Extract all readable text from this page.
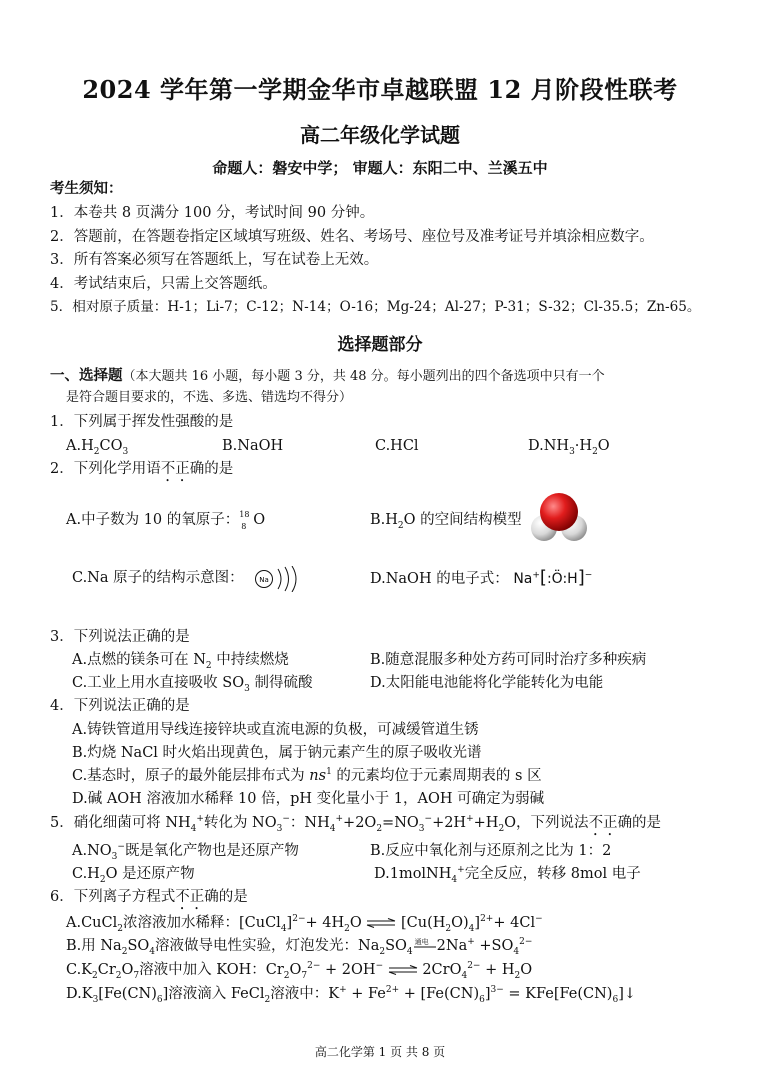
2024 学年第一学期金华市卓越联盟 12 月阶段性联考
高二年级化学试题
命题人：磐安中学； 审题人：东阳二中、兰溪五中
考生须知：
1．本卷共 8 页满分 100 分，考试时间 90 分钟。
2．答题前，在答题卷指定区域填写班级、姓名、考场号、座位号及准考证号并填涂相应数字。
3．所有答案必须写在答题纸上，写在试卷上无效。
4．考试结束后，只需上交答题纸。
5．相对原子质量：H-1；Li-7；C-12；N-14；O-16；Mg-24；Al-27；P-31；S-32；Cl-35.5；Zn-65。
选择题部分
一、选择题（本大题共 16 小题，每小题 3 分，共 48 分。每小题列出的四个备选项中只有一个
是符合题目要求的，不选、多选、错选均不得分）
1．下列属于挥发性强酸的是
$A.H_2CO_3$	B.NaOH	C.HCl	$D.NH_3\cdot H_2O$
2．下列化学用语不正确的是
A.中子数为 10 的氧原子： 18
8 O	$B.H_2O$ 的空间结构模型
C.Na 原子的结构示意图： Na	D.NaOH 的电子式： Na+[:Ö:H]−
3．下列说法正确的是
A.点燃的镁条可在 $N_2$ 中持续燃烧	B.随意混服多种处方药可同时治疗多种疾病
C.工业上用水直接吸收 $SO_3$ 制得硫酸	D.太阳能电池能将化学能转化为电能
4．下列说法正确的是
A.铸铁管道用导线连接锌块或直流电源的负极，可减缓管道生锈
B.灼烧 NaCl 时火焰出现黄色，属于钠元素产生的原子吸收光谱
C.基态时，原子的最外能层排布式为 $ns^1$ 的元素均位于元素周期表的 s 区
D.碱 AOH 溶液加水稀释 10 倍，pH 变化量小于 1，AOH 可确定为弱碱
5．硝化细菌可将 $NH_4^+$转化为 $NO_3^-$：$NH_4^++2O_2=NO_3^-+2H^++H_2O$，下列说法不正确的是
$A.NO_3^-$既是氧化产物也是还原产物	B.反应中氧化剂与还原剂之比为 1：2
$C.H_2O$ 是还原产物	D.1molNH$_4$+完全反应，转移 8mol 电子
6．下列离子方程式不正确的是
A.CuCl$_2$浓溶液加水稀释：[CuCl$_4$]$^{2-}$+ $4H_2O$ ⇌ $[Cu(H_2O)_4]^{2+}+ 4Cl^-$
B.用 $Na_2SO_4$溶液做导电性实验，灯泡发光：$Na_2SO_4$
通电 $2Na^+ +SO_4^{2-}$
$C.K_2Cr_2O_7$溶液中加入 KOH：$Cr_2O_7^{2-} + 2OH^-$ ⇌ $2CrO_4^{2-} + H_2O$
$D.K_3[Fe(CN)_6]$溶液滴入 FeCl$_2$溶液中：$K^+ + Fe^{2+} + [Fe(CN)_6]^{3-}$ = $KFe[Fe(CN)_6]↓$
高二化学第 1 页 共 8 页
